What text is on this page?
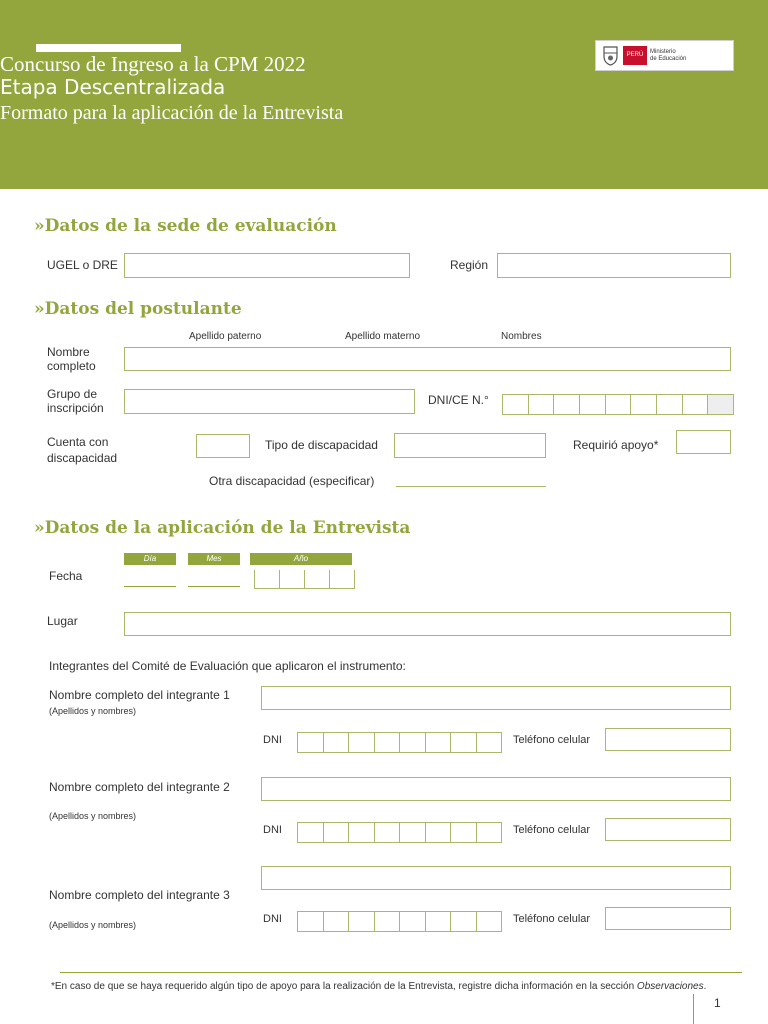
Concurso de Ingreso a la CPM 2022
Etapa Descentralizada
Formato para la aplicación de la Entrevista
PERÚ	Ministerio
de Educación
»Datos de la sede de evaluación
UGEL o DRE	Región
»Datos del postulante
Apellido paterno	Apellido materno	Nombres
Nombre completo
Grupo de inscripción
DNI/CE N.°
Cuenta con discapacidad
Tipo de discapacidad	Requirió apoyo*
Otra discapacidad (especificar)
»Datos de la aplicación de la Entrevista
Día	Mes	Año
Fecha
Lugar
Integrantes del Comité de Evaluación que aplicaron el instrumento:
Nombre completo del integrante 1
(Apellidos y nombres)
DNI	Teléfono celular
Nombre completo del integrante 2
(Apellidos y nombres)
DNI	Teléfono celular
Nombre completo del integrante 3
(Apellidos y nombres)	DNI	Teléfono celular
*En caso de que se haya requerido algún tipo de apoyo para la realización de la Entrevista, registre dicha información en la sección Observaciones.
1
